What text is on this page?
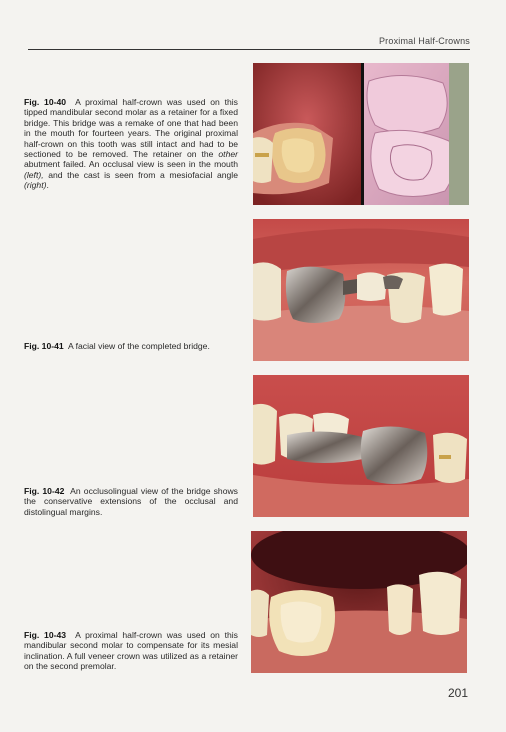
Proximal Half-Crowns
Fig. 10-40 A proximal half-crown was used on this tipped mandibular second molar as a retainer for a fixed bridge. This bridge was a remake of one that had been in the mouth for fourteen years. The original proximal half-crown on this tooth was still intact and had to be sectioned to be removed. The retainer on the other abutment failed. An occlusal view is seen in the mouth (left), and the cast is seen from a mesiofacial angle (right).
Fig. 10-41 A facial view of the completed bridge.
Fig. 10-42 An occlusolingual view of the bridge shows the conservative extensions of the occlusal and distolingual margins.
Fig. 10-43 A proximal half-crown was used on this mandibular second molar to compensate for its mesial inclination. A full veneer crown was utilized as a retainer on the second premolar.
201
